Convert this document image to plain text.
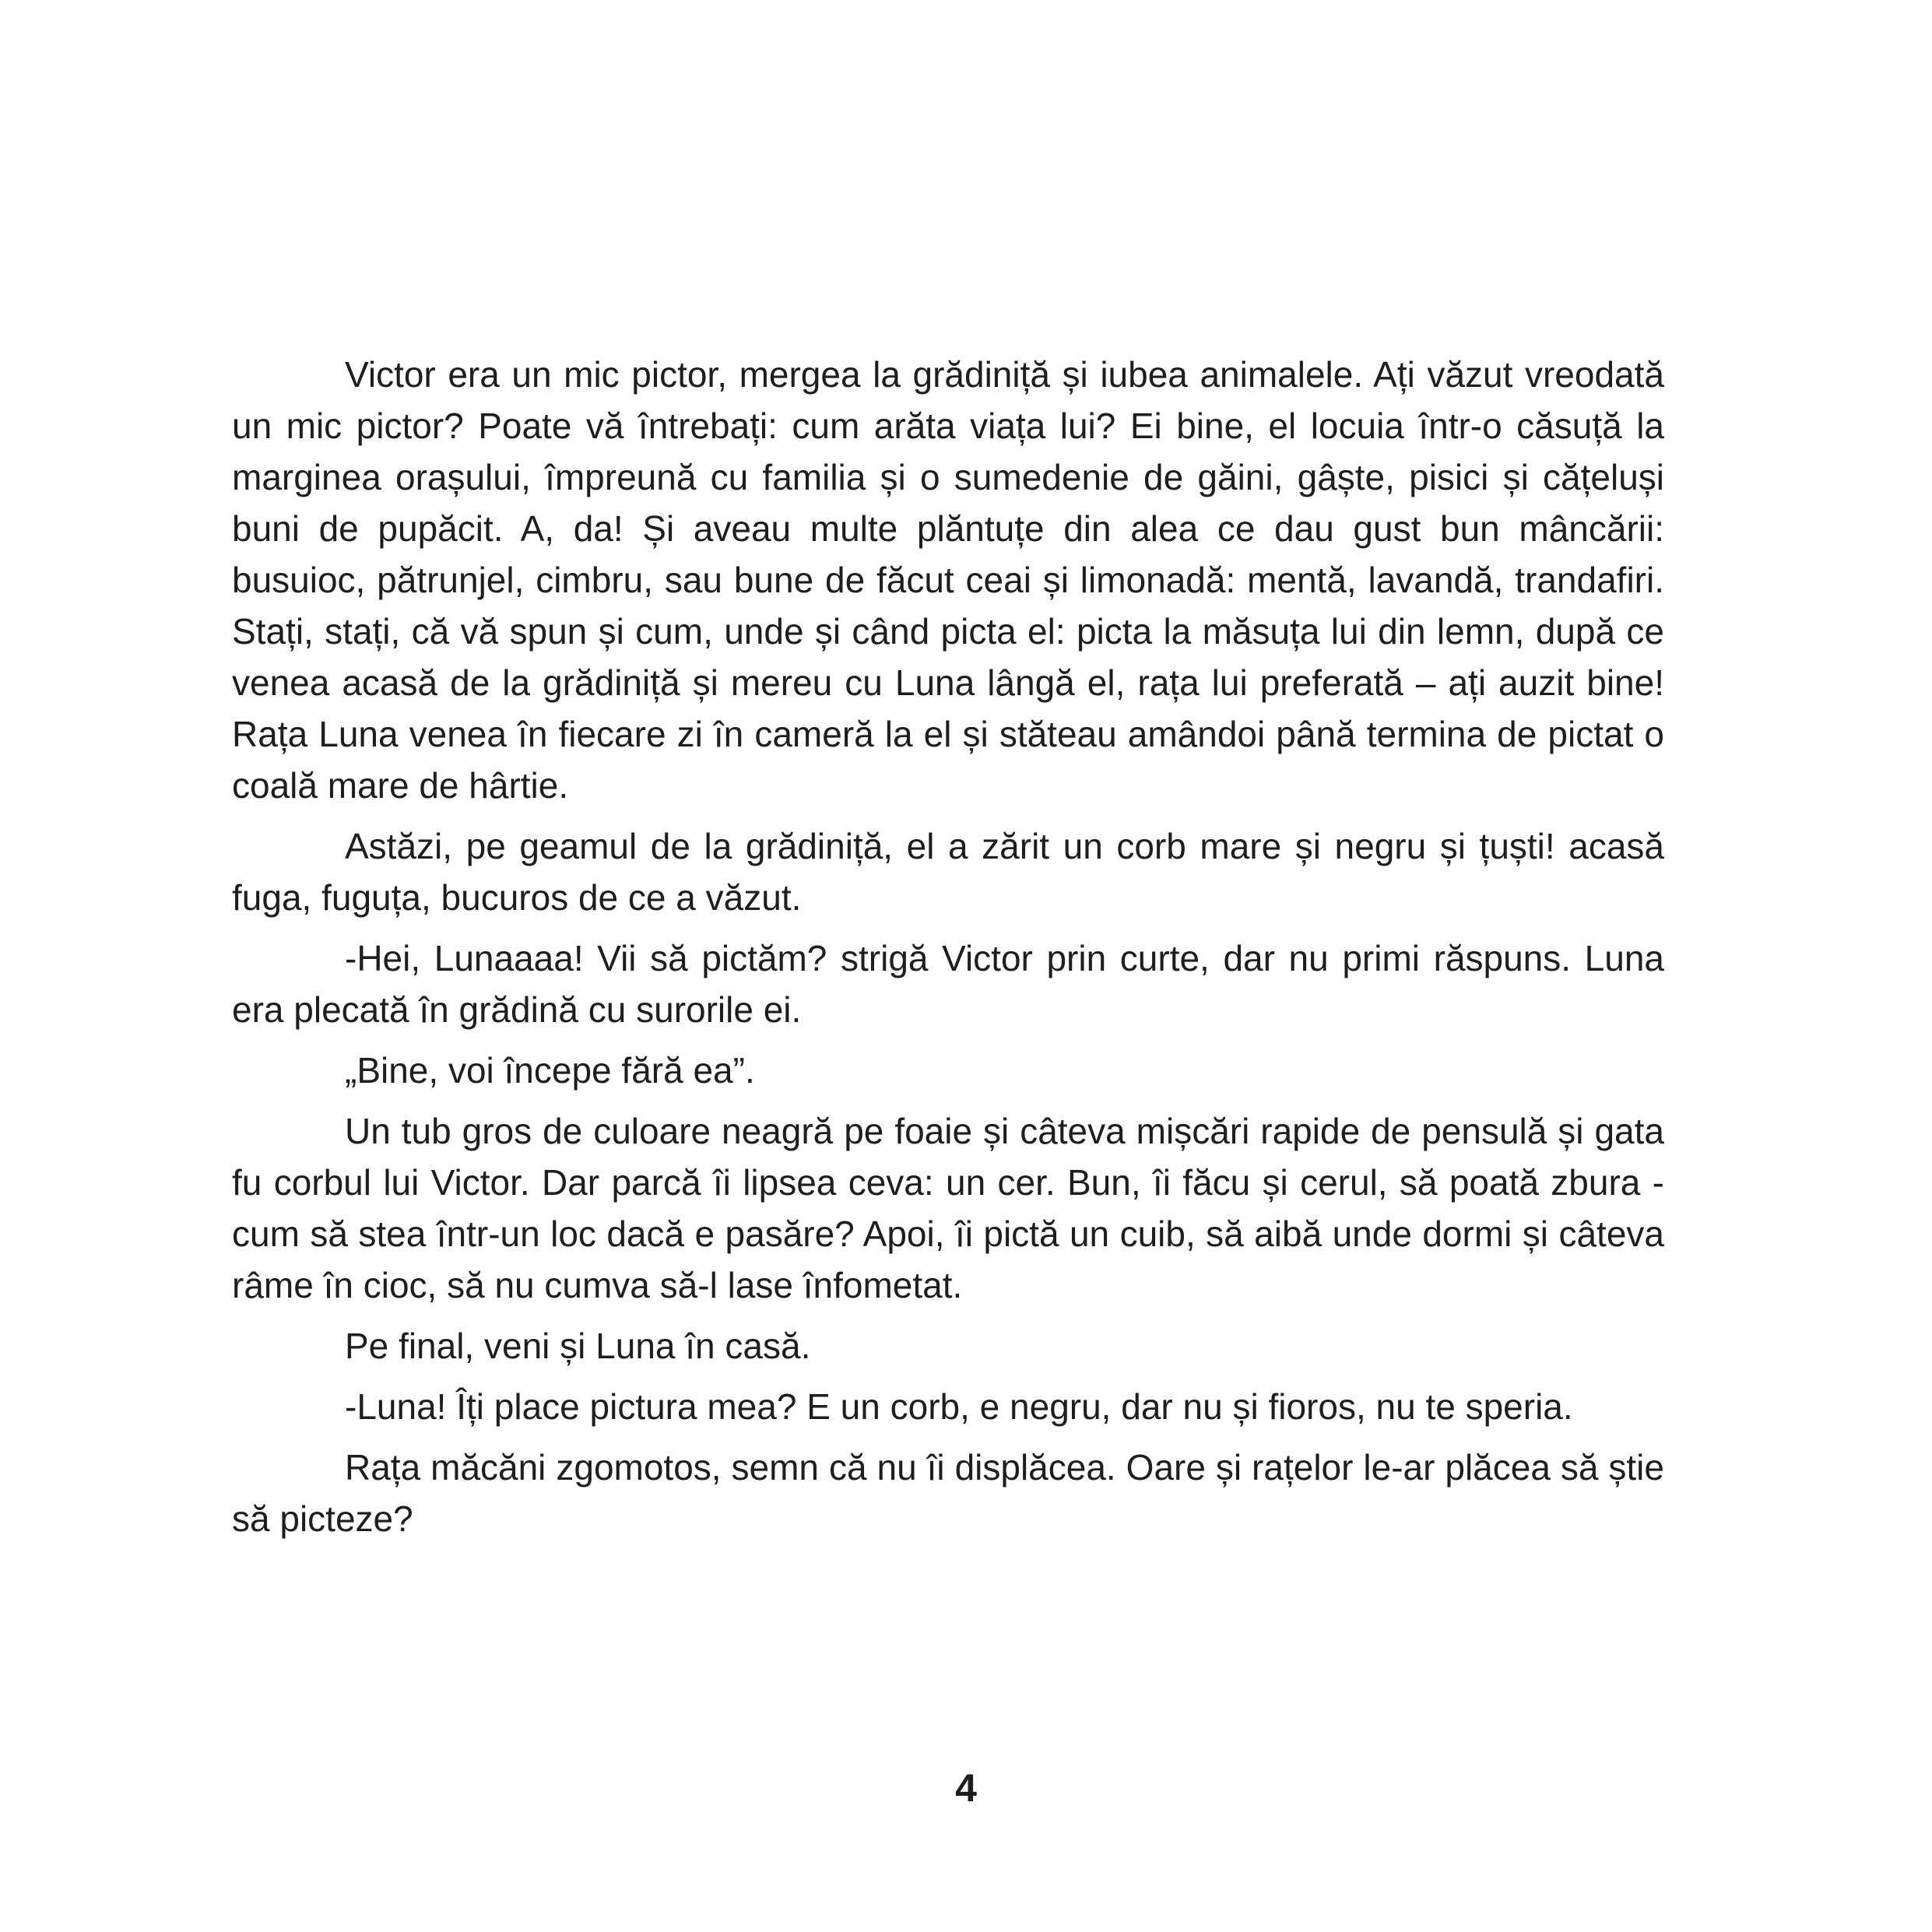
Victor era un mic pictor, mergea la grădiniță și iubea animalele. Ați văzut vreodată un mic pictor? Poate vă întrebați: cum arăta viața lui? Ei bine, el locuia într-o căsuță la marginea orașului, împreună cu familia și o sumedenie de găini, gâște, pisici și cățeluși buni de pupăcit. A, da! Și aveau multe plăntuțe din alea ce dau gust bun mâncării: busuioc, pătrunjel, cimbru, sau bune de făcut ceai și limonadă: mentă, lavandă, trandafiri. Stați, stați, că vă spun și cum, unde și când picta el: picta la măsuța lui din lemn, după ce venea acasă de la grădiniță și mereu cu Luna lângă el, rața lui preferată – ați auzit bine! Rața Luna venea în fiecare zi în cameră la el și stăteau amândoi până termina de pictat o coală mare de hârtie.

Astăzi, pe geamul de la grădiniță, el a zărit un corb mare și negru și țuști! acasă fuga, fuguța, bucuros de ce a văzut.

-Hei, Lunaaaa! Vii să pictăm? strigă Victor prin curte, dar nu primi răspuns. Luna era plecată în grădină cu surorile ei.

„Bine, voi începe fără ea”.

Un tub gros de culoare neagră pe foaie și câteva mișcări rapide de pensulă și gata fu corbul lui Victor. Dar parcă îi lipsea ceva: un cer. Bun, îi făcu și cerul, să poată zbura - cum să stea într-un loc dacă e pasăre? Apoi, îi pictă un cuib, să aibă unde dormi și câteva râme în cioc, să nu cumva să-l lase înfometat.

Pe final, veni și Luna în casă.

-Luna! Îți place pictura mea? E un corb, e negru, dar nu și fioros, nu te speria.

Rața măcăni zgomotos, semn că nu îi displăcea. Oare și rațelor le-ar plăcea să știe să picteze?

4
